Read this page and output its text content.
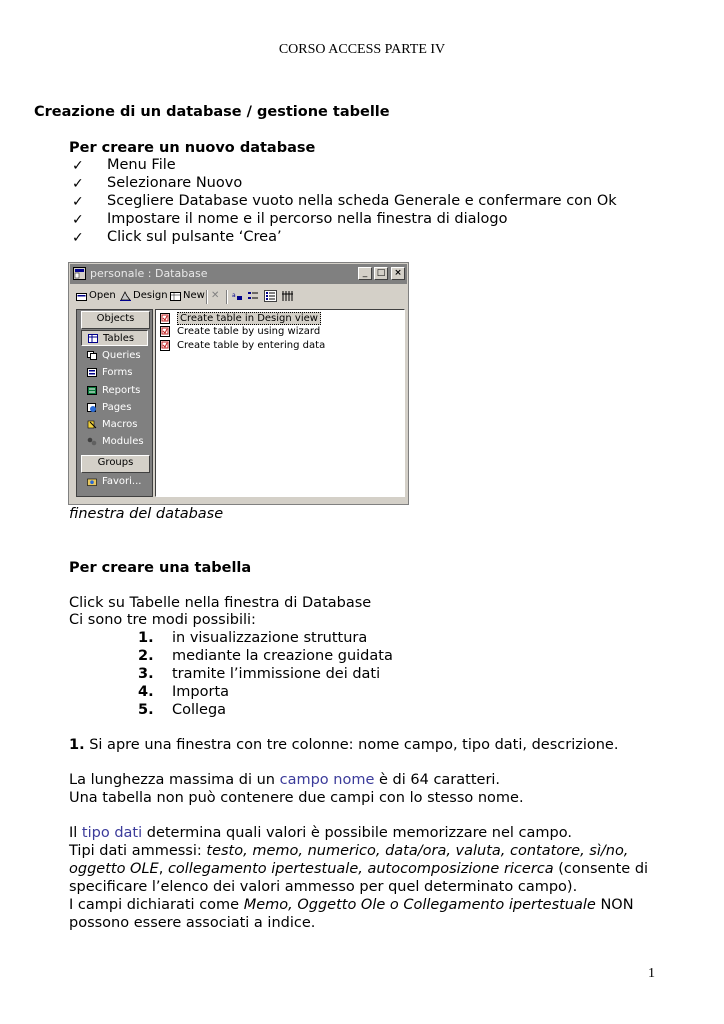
CORSO ACCESS PARTE IV
Creazione di un database / gestione tabelle
Per creare un nuovo database
✓ Menu File
✓ Selezionare Nuovo
✓ Scegliere Database vuoto nella scheda Generale e confermare con Ok
✓ Impostare il nome e il percorso nella finestra di dialogo
✓ Click sul pulsante ‘Crea’
personale : Database	_	□ ×
Open Design New ✕ a
Objects
Tables
Queries
Forms
Reports
Pages
Macros
Modules
Groups
Favori...
Create table in Design view
Create table by using wizard
Create table by entering data
finestra del database
Per creare una tabella
Click su Tabelle nella finestra di Database
Ci sono tre modi possibili:
1. in visualizzazione struttura
2. mediante la creazione guidata
3. tramite l’immissione dei dati
4. Importa
5. Collega
1. Si apre una finestra con tre colonne: nome campo, tipo dati, descrizione.
La lunghezza massima di un campo nome è di 64 caratteri.
Una tabella non può contenere due campi con lo stesso nome.
Il tipo dati determina quali valori è possibile memorizzare nel campo.
Tipi dati ammessi: testo, memo, numerico, data/ora, valuta, contatore, sì/no,
oggetto OLE, collegamento ipertestuale, autocomposizione ricerca (consente di
specificare l’elenco dei valori ammesso per quel determinato campo).
I campi dichiarati come Memo, Oggetto Ole o Collegamento ipertestuale NON
possono essere associati a indice.
1
